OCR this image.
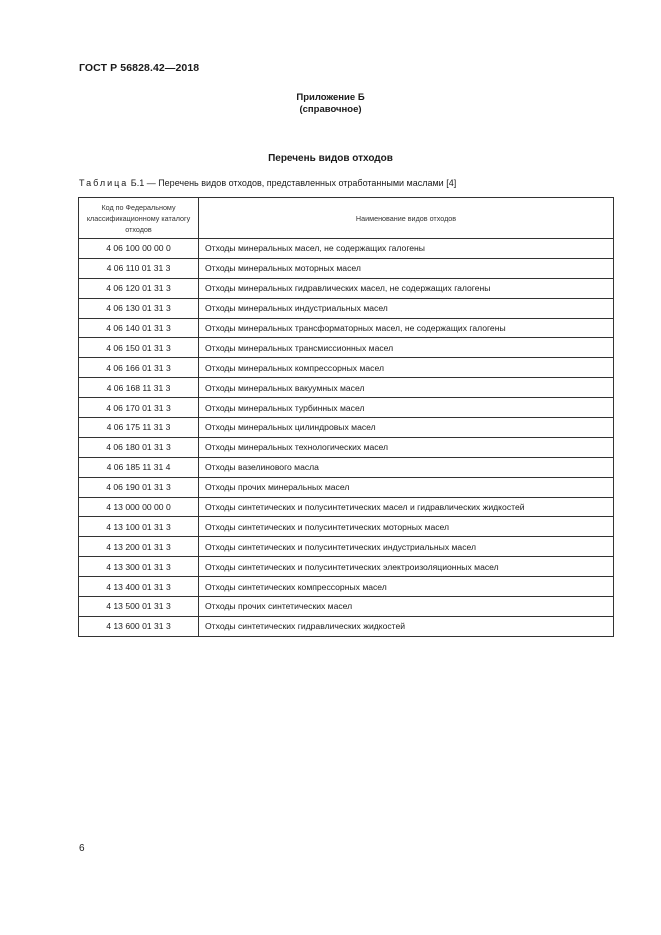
ГОСТ Р 56828.42—2018
Приложение Б
(справочное)
Перечень видов отходов
Таблица Б.1 — Перечень видов отходов, представленных отработанными маслами [4]
Код по Федеральному классификационному каталогу отходов	Наименование видов отходов
4 06 100 00 00 0	Отходы минеральных масел, не содержащих галогены
4 06 110 01 31 3	Отходы минеральных моторных масел
4 06 120 01 31 3	Отходы минеральных гидравлических масел, не содержащих галогены
4 06 130 01 31 3	Отходы минеральных индустриальных масел
4 06 140 01 31 3	Отходы минеральных трансформаторных масел, не содержащих галогены
4 06 150 01 31 3	Отходы минеральных трансмиссионных масел
4 06 166 01 31 3	Отходы минеральных компрессорных масел
4 06 168 11 31 3	Отходы минеральных вакуумных масел
4 06 170 01 31 3	Отходы минеральных турбинных масел
4 06 175 11 31 3	Отходы минеральных цилиндровых масел
4 06 180 01 31 3	Отходы минеральных технологических масел
4 06 185 11 31 4	Отходы вазелинового масла
4 06 190 01 31 3	Отходы прочих минеральных масел
4 13 000 00 00 0	Отходы синтетических и полусинтетических масел и гидравлических жидкостей
4 13 100 01 31 3	Отходы синтетических и полусинтетических моторных масел
4 13 200 01 31 3	Отходы синтетических и полусинтетических индустриальных масел
4 13 300 01 31 3	Отходы синтетических и полусинтетических электроизоляционных масел
4 13 400 01 31 3	Отходы синтетических компрессорных масел
4 13 500 01 31 3	Отходы прочих синтетических масел
4 13 600 01 31 3	Отходы синтетических гидравлических жидкостей
6
